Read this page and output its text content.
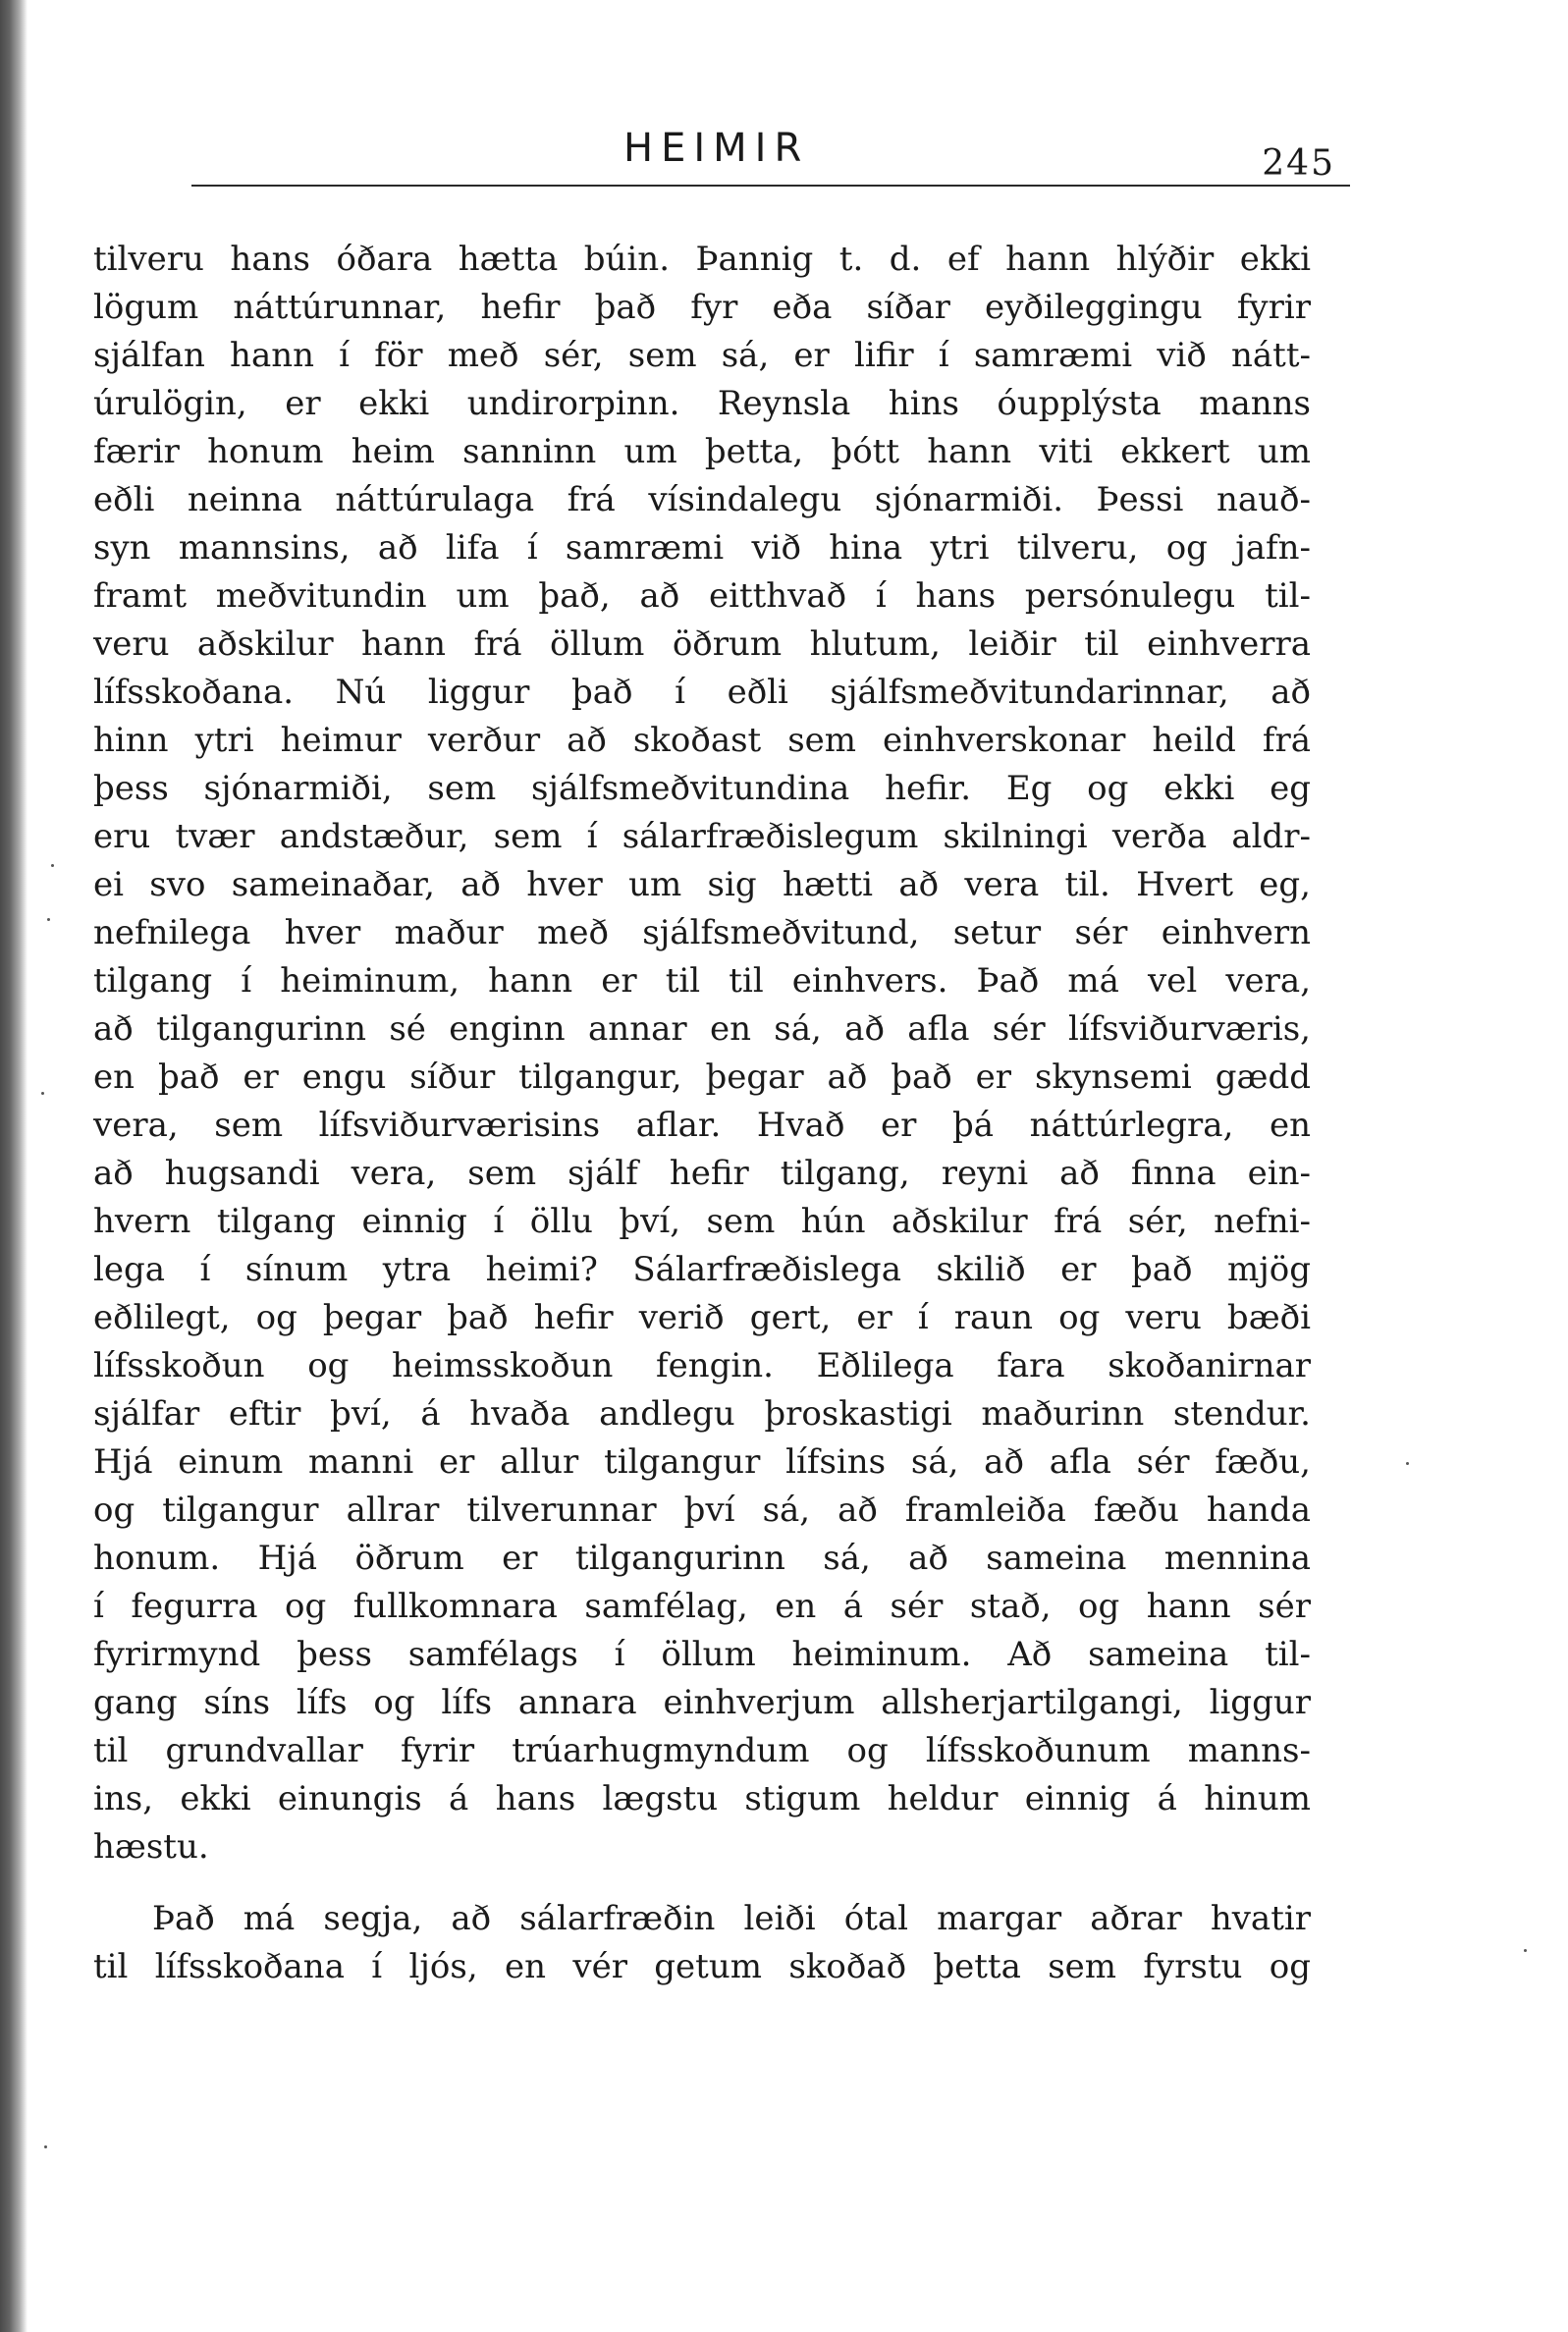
HEIMIR	245
tilveru hans óðara hætta búin. Þannig t. d. ef hann hlýðir ekki
lögum náttúrunnar, hefir það fyr eða síðar eyðileggingu fyrir
sjálfan hann í för með sér, sem sá, er lifir í samræmi við nátt-
úrulögin, er ekki undirorpinn. Reynsla hins óupplýsta manns
færir honum heim sanninn um þetta, þótt hann viti ekkert um
eðli neinna náttúrulaga frá vísindalegu sjónarmiði. Þessi nauð-
syn mannsins, að lifa í samræmi við hina ytri tilveru, og jafn-
framt meðvitundin um það, að eitthvað í hans persónulegu til-
veru aðskilur hann frá öllum öðrum hlutum, leiðir til einhverra
lífsskoðana. Nú liggur það í eðli sjálfsmeðvitundarinnar, að
hinn ytri heimur verður að skoðast sem einhverskonar heild frá
þess sjónarmiði, sem sjálfsmeðvitundina hefir. Eg og ekki eg
eru tvær andstæður, sem í sálarfræðislegum skilningi verða aldr-
ei svo sameinaðar, að hver um sig hætti að vera til. Hvert eg,
nefnilega hver maður með sjálfsmeðvitund, setur sér einhvern
tilgang í heiminum, hann er til til einhvers. Það má vel vera,
að tilgangurinn sé enginn annar en sá, að afla sér lífsviðurværis,
en það er engu síður tilgangur, þegar að það er skynsemi gædd
vera, sem lífsviðurværisins aflar. Hvað er þá náttúrlegra, en
að hugsandi vera, sem sjálf hefir tilgang, reyni að finna ein-
hvern tilgang einnig í öllu því, sem hún aðskilur frá sér, nefni-
lega í sínum ytra heimi? Sálarfræðislega skilið er það mjög
eðlilegt, og þegar það hefir verið gert, er í raun og veru bæði
lífsskoðun og heimsskoðun fengin. Eðlilega fara skoðanirnar
sjálfar eftir því, á hvaða andlegu þroskastigi maðurinn stendur.
Hjá einum manni er allur tilgangur lífsins sá, að afla sér fæðu,
og tilgangur allrar tilverunnar því sá, að framleiða fæðu handa
honum. Hjá öðrum er tilgangurinn sá, að sameina mennina
í fegurra og fullkomnara samfélag, en á sér stað, og hann sér
fyrirmynd þess samfélags í öllum heiminum. Að sameina til-
gang síns lífs og lífs annara einhverjum allsherjartilgangi, liggur
til grundvallar fyrir trúarhugmyndum og lífsskoðunum manns-
ins, ekki einungis á hans lægstu stigum heldur einnig á hinum
hæstu.
Það má segja, að sálarfræðin leiði ótal margar aðrar hvatir
til lífsskoðana í ljós, en vér getum skoðað þetta sem fyrstu og
